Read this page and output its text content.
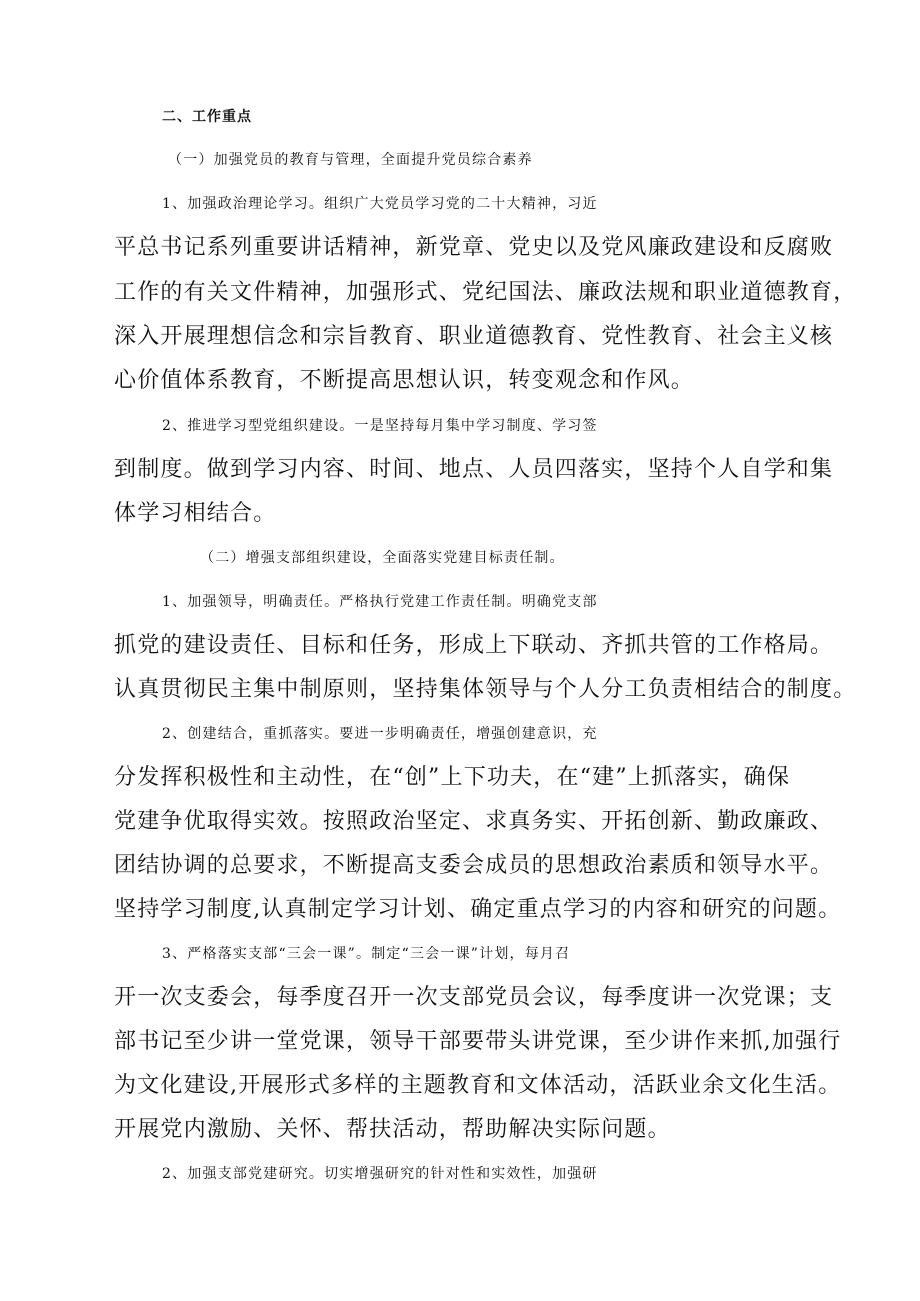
二、工作重点
（一）加强党员的教育与管理，全面提升党员综合素养
1、加强政治理论学习。组织广大党员学习党的二十大精神，习近
平总书记系列重要讲话精神，新党章、党史以及党风廉政建设和反腐败
工作的有关文件精神，加强形式、党纪国法、廉政法规和职业道德教育，
深入开展理想信念和宗旨教育、职业道德教育、党性教育、社会主义核
心价值体系教育，不断提高思想认识，转变观念和作风。
2、推进学习型党组织建设。一是坚持每月集中学习制度、学习签
到制度。做到学习内容、时间、地点、人员四落实，坚持个人自学和集
体学习相结合。
（二）增强支部组织建设，全面落实党建目标责任制。
1、加强领导，明确责任。严格执行党建工作责任制。明确党支部
抓党的建设责任、目标和任务，形成上下联动、齐抓共管的工作格局。
认真贯彻民主集中制原则，坚持集体领导与个人分工负责相结合的制度。
2、创建结合，重抓落实。要进一步明确责任，增强创建意识，充
分发挥积极性和主动性，在“创”上下功夫，在“建”上抓落实，确保
党建争优取得实效。按照政治坚定、求真务实、开拓创新、勤政廉政、
团结协调的总要求，不断提高支委会成员的思想政治素质和领导水平。
坚持学习制度,认真制定学习计划、确定重点学习的内容和研究的问题。
3、严格落实支部“三会一课”。制定“三会一课”计划，每月召
开一次支委会，每季度召开一次支部党员会议，每季度讲一次党课；支
部书记至少讲一堂党课，领导干部要带头讲党课，至少讲作来抓,加强行
为文化建设,开展形式多样的主题教育和文体活动，活跃业余文化生活。
开展党内激励、关怀、帮扶活动，帮助解决实际问题。
2、加强支部党建研究。切实增强研究的针对性和实效性，加强研
